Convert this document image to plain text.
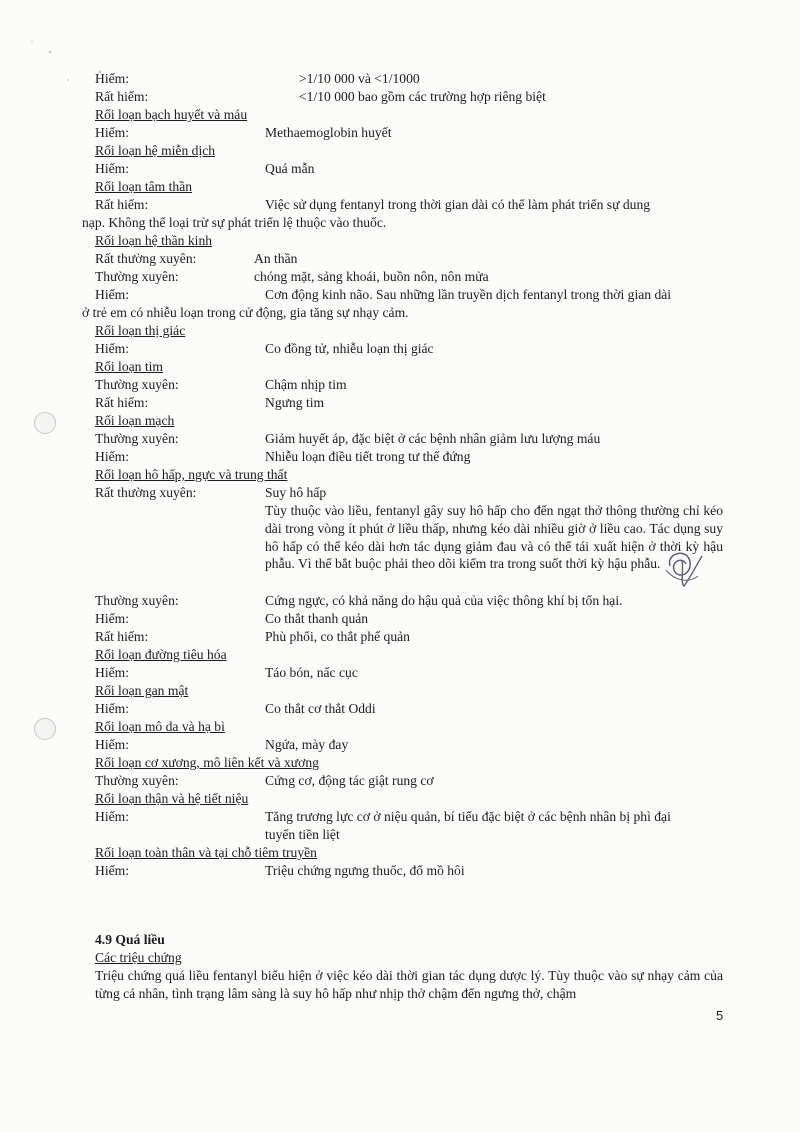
Hiếm:	>1/10 000 và <1/1000
Rất hiếm:	<1/10 000 bao gồm các trường hợp riêng biệt
Rối loạn bạch huyết và máu
Hiếm:	Methaemoglobin huyết
Rối loạn hệ miễn dịch
Hiếm:	Quá mẫn
Rối loạn tâm thần
Rất hiếm:	Việc sử dụng fentanyl trong thời gian dài có thể làm phát triển sự dung
nạp. Không thể loại trừ sự phát triển lệ thuộc vào thuốc.
Rối loạn hệ thần kinh
Rất thường xuyên:	An thần
Thường xuyên:	chóng mặt, sảng khoái, buồn nôn, nôn mửa
Hiếm:	Cơn động kinh não. Sau những lần truyền dịch fentanyl trong thời gian dài
ở trẻ em có nhiễu loạn trong cử động, gia tăng sự nhạy cảm.
Rối loạn thị giác
Hiếm:	Co đồng tử, nhiễu loạn thị giác
Rối loạn tim
Thường xuyên:	Chậm nhịp tim
Rất hiếm:	Ngưng tim
Rối loạn mạch
Thường xuyên:	Giảm huyết áp, đặc biệt ở các bệnh nhân giảm lưu lượng máu
Hiếm:	Nhiễu loạn điều tiết trong tư thế đứng
Rối loạn hô hấp, ngực và trung thất
Rất thường xuyên:	Suy hô hấp
Tùy thuộc vào liều, fentanyl gây suy hô hấp cho đến ngạt thở thông thường chỉ kéo dài trong vòng ít phút ở liều thấp, nhưng kéo dài nhiều giờ ở liều cao. Tác dụng suy hô hấp có thể kéo dài hơn tác dụng giảm đau và có thể tái xuất hiện ở thời kỳ hậu phẫu. Vì thế bắt buộc phải theo dõi kiểm tra trong suốt thời kỳ hậu phẫu.
Thường xuyên:	Cứng ngực, có khả năng do hậu quả của việc thông khí bị tổn hại.
Hiếm:	Co thắt thanh quản
Rất hiếm:	Phù phổi, co thắt phế quản
Rối loạn đường tiêu hóa
Hiếm:	Táo bón, nấc cục
Rối loạn gan mật
Hiếm:	Co thắt cơ thắt Oddi
Rối loạn mô da và hạ bì
Hiếm:	Ngứa, mày đay
Rối loạn cơ xương, mô liên kết và xương
Thường xuyên:	Cứng cơ, động tác giật rung cơ
Rối loạn thận và hệ tiết niệu
Hiếm:	Tăng trương lực cơ ở niệu quản, bí tiểu đặc biệt ở các bệnh nhân bị phì đại
tuyến tiền liệt
Rối loạn toàn thân và tại chỗ tiêm truyền
Hiếm:	Triệu chứng ngưng thuốc, đổ mồ hôi
4.9 Quá liều
Các triệu chứng
Triệu chứng quá liều fentanyl biểu hiện ở việc kéo dài thời gian tác dụng dược lý. Tùy thuộc vào sự nhạy cảm của từng cá nhân, tình trạng lâm sàng là suy hô hấp như nhịp thở chậm đến ngưng thở, chậm
5
